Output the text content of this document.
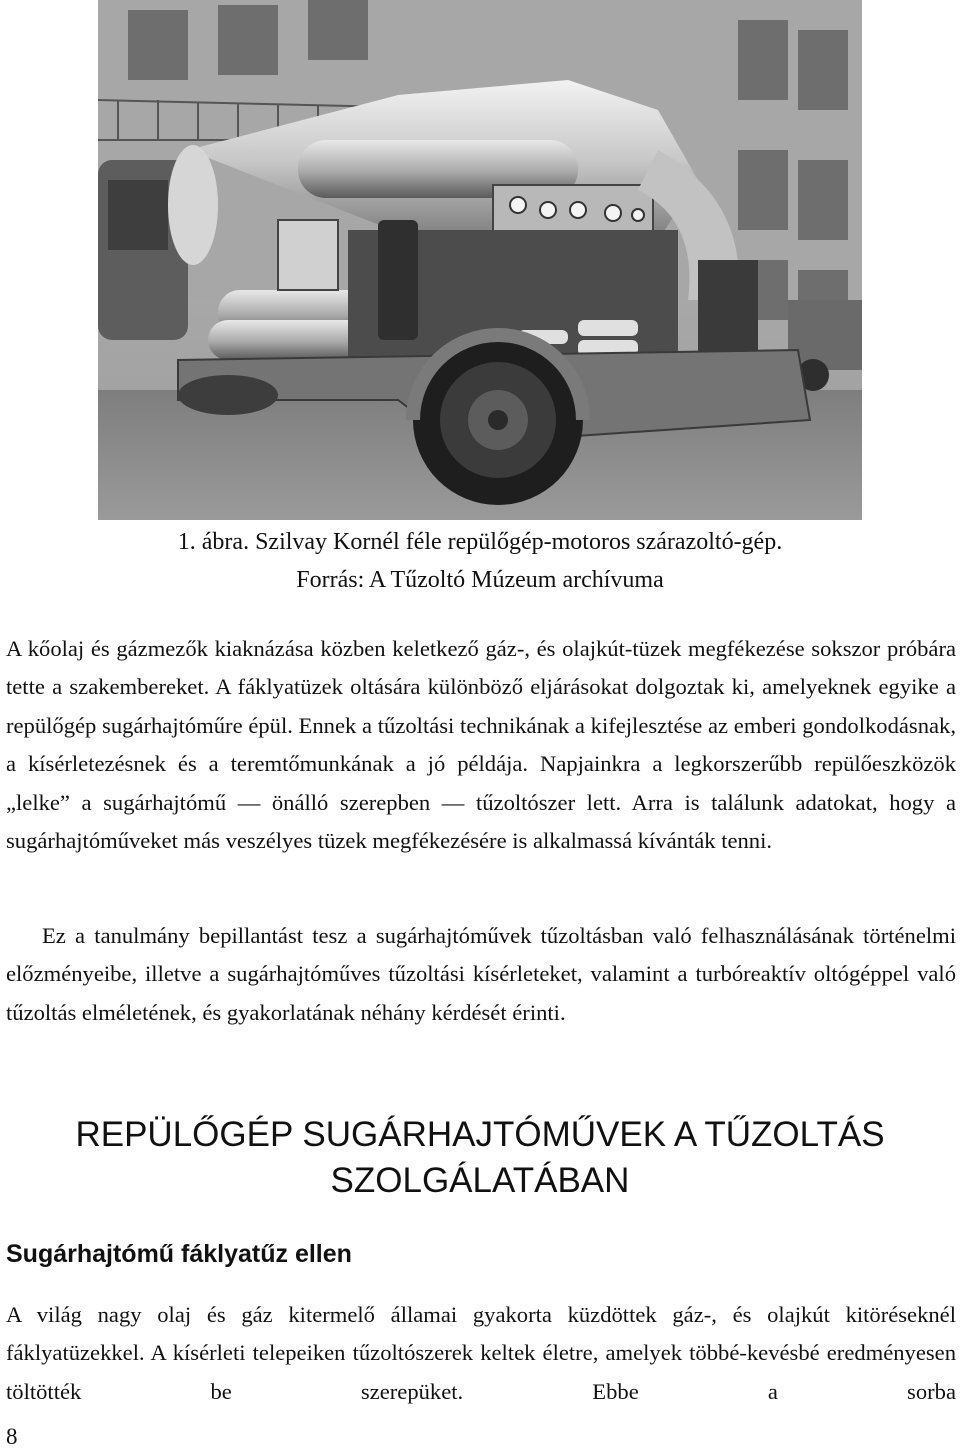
1. ábra. Szilvay Kornél féle repülőgép-motoros szárazoltó-gép.
Forrás: A Tűzoltó Múzeum archívuma

A kőolaj és gázmezők kiaknázása közben keletkező gáz-, és olajkút-tüzek megfékezése sokszor próbára tette a szakembereket. A fáklyatüzek oltására különböző eljárásokat dolgoztak ki, amelyeknek egyike a repülőgép sugárhajtóműre épül. Ennek a tűzoltási technikának a kifejlesztése az emberi gondolkodásnak, a kísérletezésnek és a teremtőmunkának a jó példája. Napjainkra a legkorszerűbb repülőeszközök „lelke” a sugárhajtómű — önálló szerepben — tűzoltószer lett. Arra is találunk adatokat, hogy a sugárhajtóműveket más veszélyes tüzek megfékezésére is alkalmassá kívánták tenni.

Ez a tanulmány bepillantást tesz a sugárhajtóművek tűzoltásban való felhasználásának történelmi előzményeibe, illetve a sugárhajtóműves tűzoltási kísérleteket, valamint a turbóreaktív oltógéppel való tűzoltás elméletének, és gyakorlatának néhány kérdését érinti.

REPÜLŐGÉP SUGÁRHAJTÓMŰVEK A TŰZOLTÁS SZOLGÁLATÁBAN
Sugárhajtómű fáklyatűz ellen

A világ nagy olaj és gáz kitermelő államai gyakorta küzdöttek gáz-, és olajkút kitöréseknél fáklyatüzekkel. A kísérleti telepeiken tűzoltószerek keltek életre, amelyek többé-kevésbé eredményesen töltötték be szerepüket. Ebbe a sorba

8
